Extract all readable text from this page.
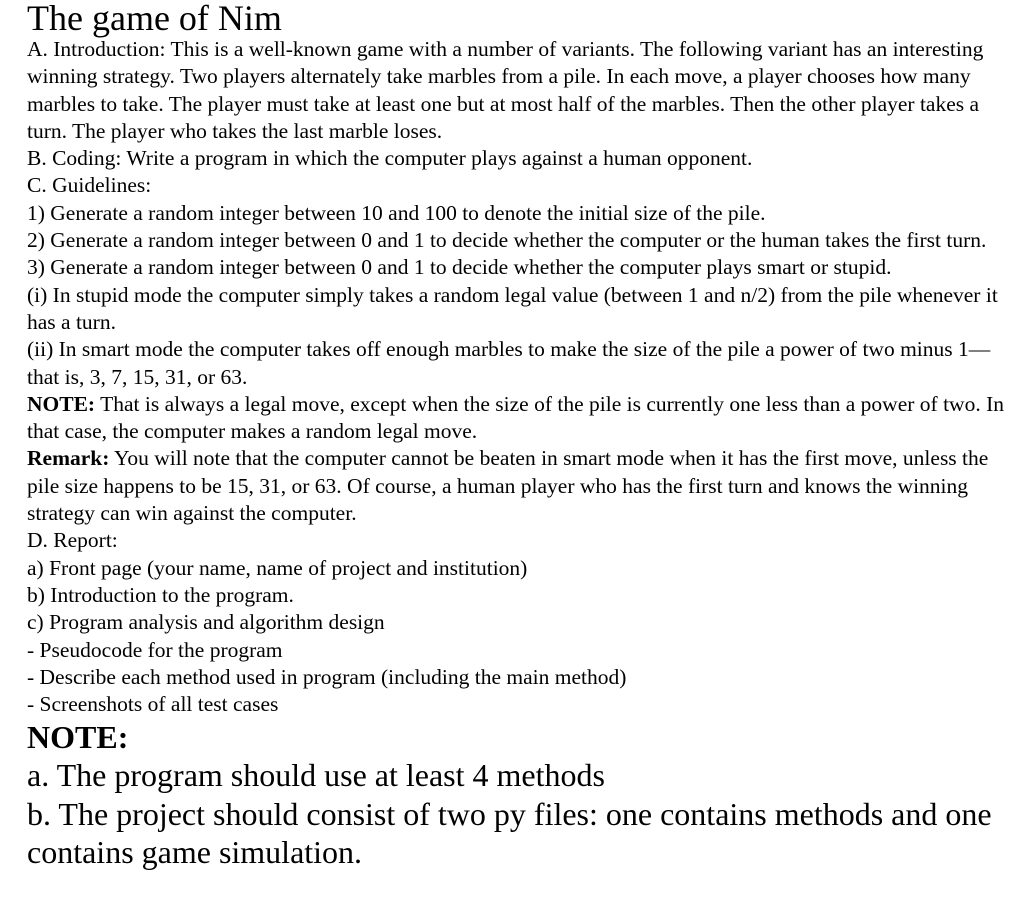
The game of Nim

A. Introduction: This is a well-known game with a number of variants. The following variant has an interesting winning strategy. Two players alternately take marbles from a pile. In each move, a player chooses how many marbles to take. The player must take at least one but at most half of the marbles. Then the other player takes a turn. The player who takes the last marble loses.

B. Coding: Write a program in which the computer plays against a human opponent.

C. Guidelines:

1) Generate a random integer between 10 and 100 to denote the initial size of the pile.

2) Generate a random integer between 0 and 1 to decide whether the computer or the human takes the first turn.

3) Generate a random integer between 0 and 1 to decide whether the computer plays smart or stupid.

(i) In stupid mode the computer simply takes a random legal value (between 1 and n/2) from the pile whenever it has a turn.

(ii) In smart mode the computer takes off enough marbles to make the size of the pile a power of two minus 1—that is, 3, 7, 15, 31, or 63.

NOTE: That is always a legal move, except when the size of the pile is currently one less than a power of two. In that case, the computer makes a random legal move.

Remark: You will note that the computer cannot be beaten in smart mode when it has the first move, unless the pile size happens to be 15, 31, or 63. Of course, a human player who has the first turn and knows the winning strategy can win against the computer.

D. Report:

a) Front page (your name, name of project and institution)

b) Introduction to the program.

c) Program analysis and algorithm design

- Pseudocode for the program

- Describe each method used in program (including the main method)

- Screenshots of all test cases

NOTE:

a. The program should use at least 4 methods

b. The project should consist of two py files: one contains methods and one contains game simulation.
